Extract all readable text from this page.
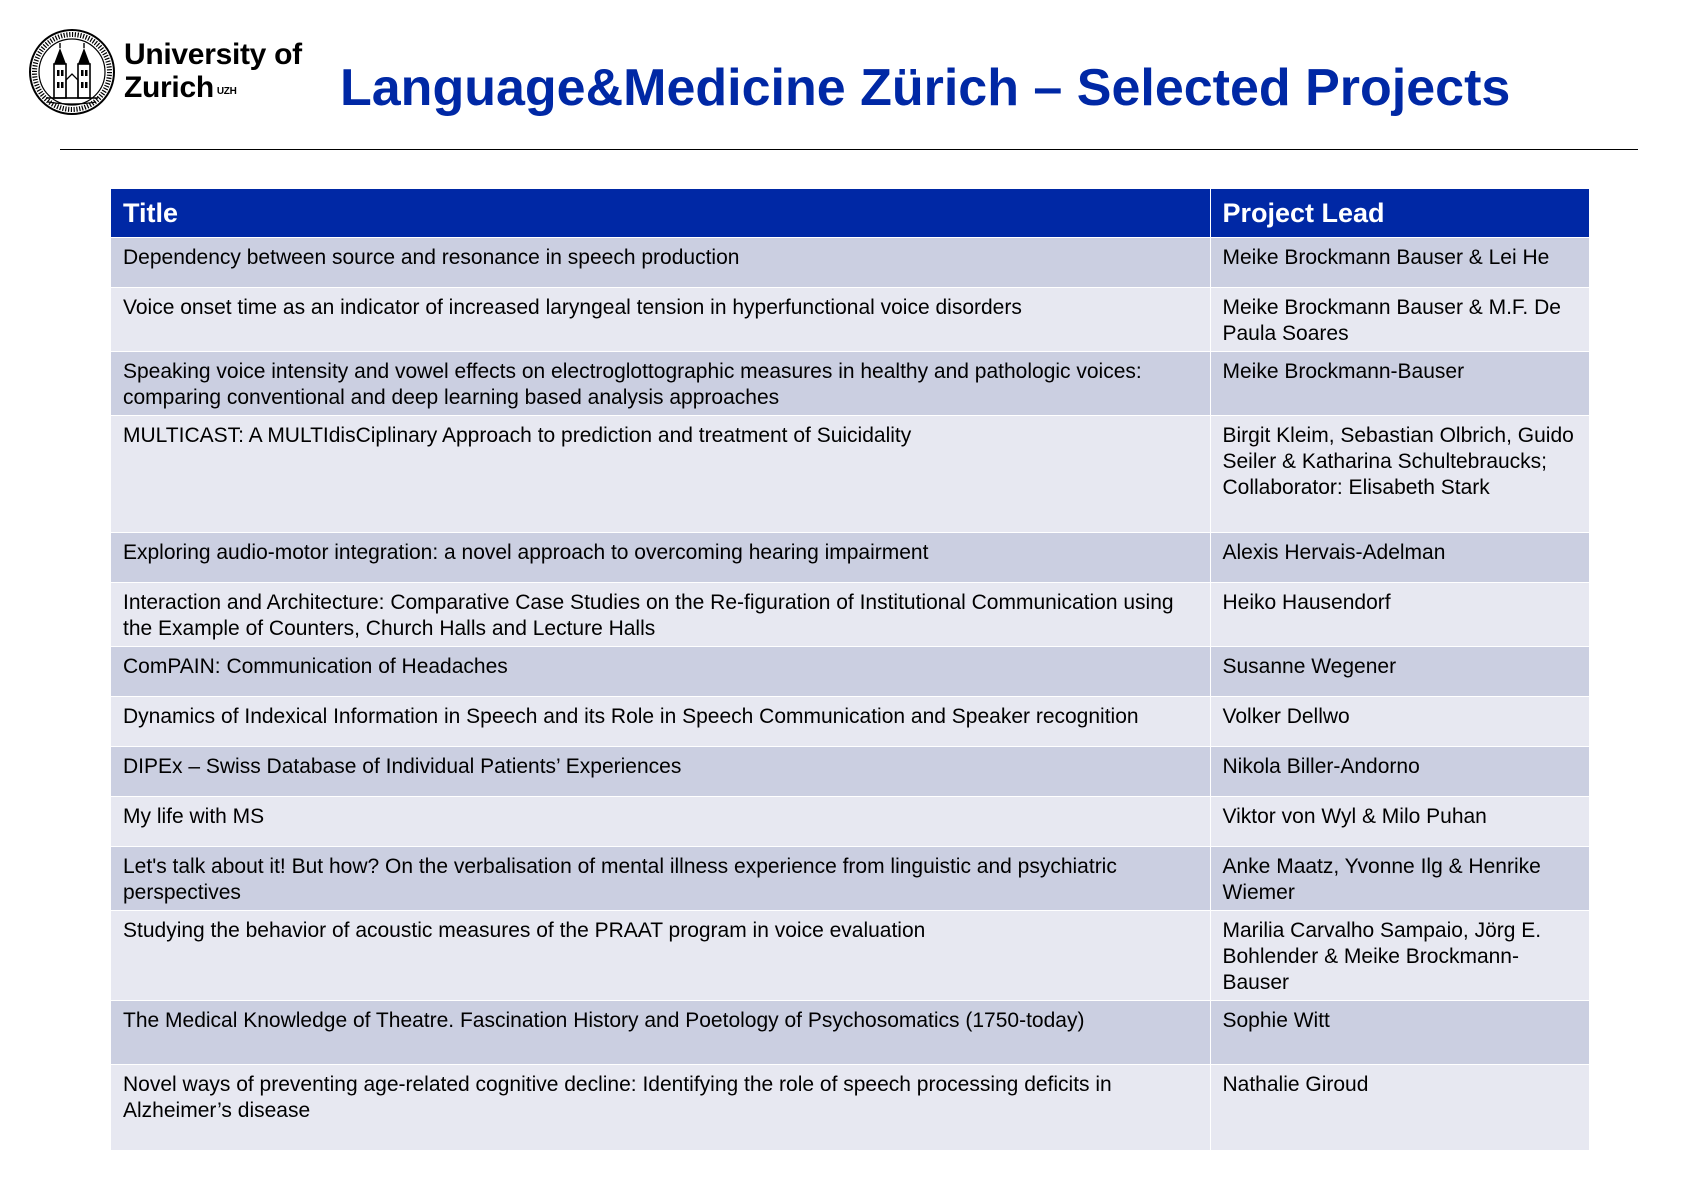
University of
Zurich $^{UZH}$	Language&Medicine Zürich – Selected Projects
Title	Project Lead
Dependency between source and resonance in speech production	Meike Brockmann Bauser & Lei He
Voice onset time as an indicator of increased laryngeal tension in hyperfunctional voice disorders	Meike Brockmann Bauser & M.F. De Paula Soares
Speaking voice intensity and vowel effects on electroglottographic measures in healthy and pathologic voices: comparing conventional and deep learning based analysis approaches	Meike Brockmann-Bauser
MULTICAST: A MULTIdisCiplinary Approach to prediction and treatment of Suicidality	Birgit Kleim, Sebastian Olbrich, Guido Seiler & Katharina Schultebraucks; Collaborator: Elisabeth Stark
Exploring audio-motor integration: a novel approach to overcoming hearing impairment	Alexis Hervais-Adelman
Interaction and Architecture: Comparative Case Studies on the Re-figuration of Institutional Communication using the Example of Counters, Church Halls and Lecture Halls	Heiko Hausendorf
ComPAIN: Communication of Headaches	Susanne Wegener
Dynamics of Indexical Information in Speech and its Role in Speech Communication and Speaker recognition	Volker Dellwo
DIPEx – Swiss Database of Individual Patients’ Experiences	Nikola Biller-Andorno
My life with MS	Viktor von Wyl & Milo Puhan
Let's talk about it! But how? On the verbalisation of mental illness experience from linguistic and psychiatric perspectives	Anke Maatz, Yvonne Ilg & Henrike Wiemer
Studying the behavior of acoustic measures of the PRAAT program in voice evaluation	Marilia Carvalho Sampaio, Jörg E. Bohlender & Meike Brockmann-Bauser
The Medical Knowledge of Theatre. Fascination History and Poetology of Psychosomatics (1750-today)	Sophie Witt
Novel ways of preventing age-related cognitive decline: Identifying the role of speech processing deficits in Alzheimer’s disease	Nathalie Giroud
